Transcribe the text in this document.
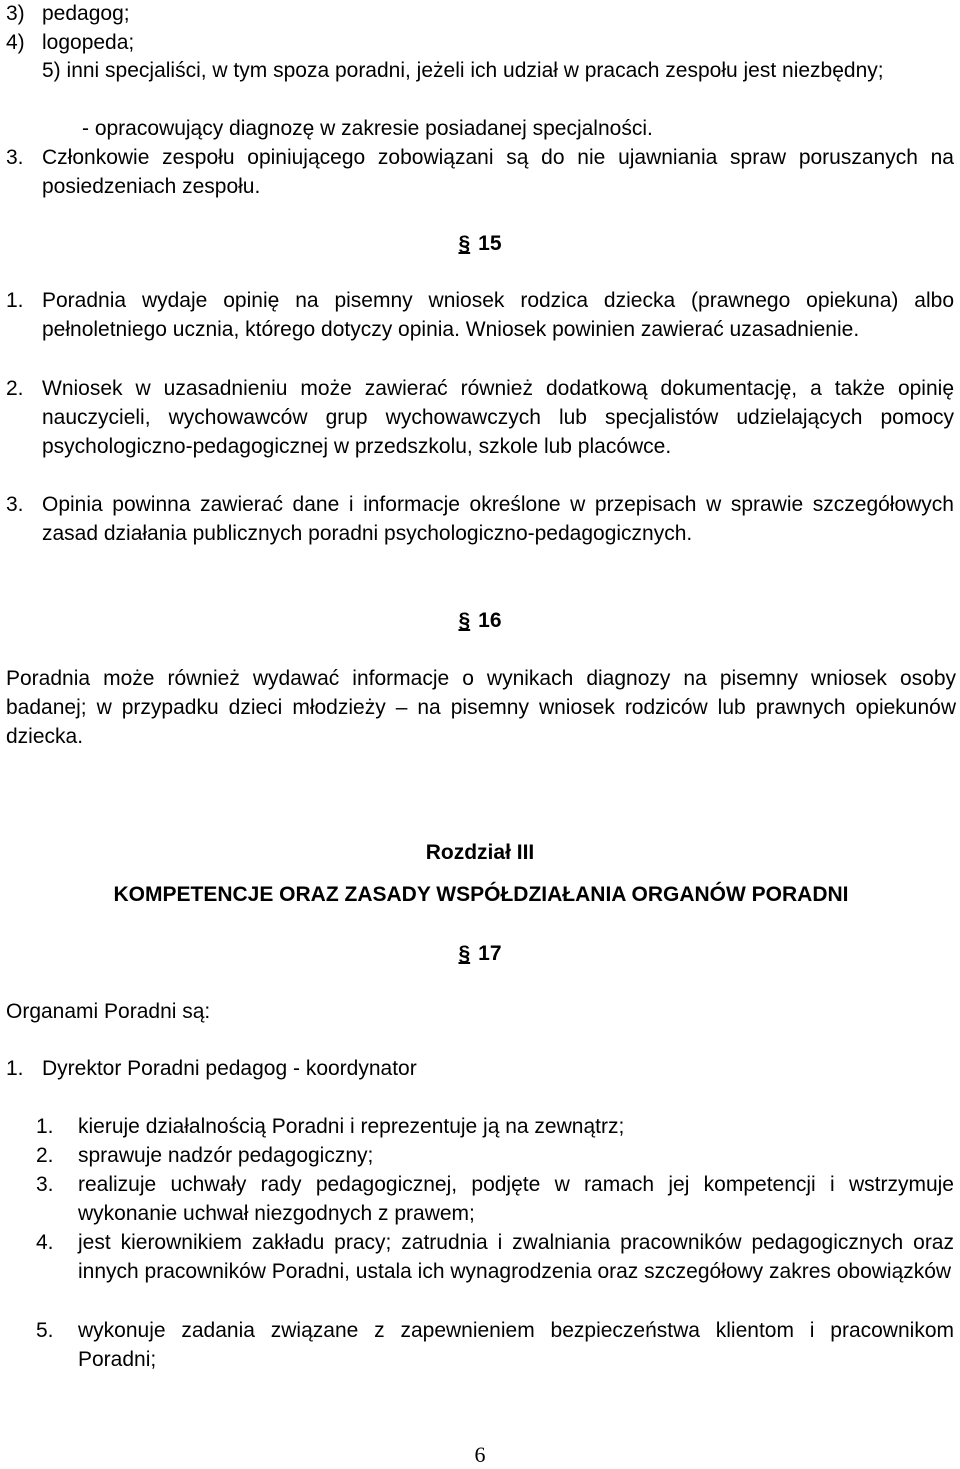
3) pedagog;
4) logopeda;
5) inni specjaliści, w tym spoza poradni, jeżeli ich udział w pracach zespołu jest niezbędny;
- opracowujący diagnozę w zakresie posiadanej specjalności.
3. Członkowie zespołu opiniującego zobowiązani są do nie ujawniania spraw poruszanych na posiedzeniach zespołu.
§ 15
1. Poradnia wydaje opinię na pisemny wniosek rodzica dziecka (prawnego opiekuna) albo pełnoletniego ucznia, którego dotyczy opinia. Wniosek powinien zawierać uzasadnienie.
2. Wniosek w uzasadnieniu może zawierać również dodatkową dokumentację, a także opinię nauczycieli, wychowawców grup wychowawczych lub specjalistów udzielających pomocy psychologiczno-pedagogicznej w przedszkolu, szkole lub placówce.
3. Opinia powinna zawierać dane i informacje określone w przepisach w sprawie szczegółowych zasad działania publicznych poradni psychologiczno-pedagogicznych.
§ 16
Poradnia może również wydawać informacje o wynikach diagnozy na pisemny wniosek osoby badanej; w przypadku dzieci młodzieży – na pisemny wniosek rodziców lub prawnych opiekunów dziecka.
Rozdział III
KOMPETENCJE ORAZ ZASADY WSPÓŁDZIAŁANIA ORGANÓW PORADNI
§ 17
Organami Poradni są:
1. Dyrektor Poradni pedagog - koordynator
1.	kieruje działalnością Poradni i reprezentuje ją na zewnątrz;
2.	sprawuje nadzór pedagogiczny;
3.	realizuje uchwały rady pedagogicznej, podjęte w ramach jej kompetencji i wstrzymuje wykonanie uchwał niezgodnych z prawem;
4.	jest kierownikiem zakładu pracy; zatrudnia i zwalniania pracowników pedagogicznych oraz innych pracowników Poradni, ustala ich wynagrodzenia oraz szczegółowy zakres obowiązków
5.	wykonuje zadania związane z zapewnieniem bezpieczeństwa klientom i pracownikom Poradni;
6
